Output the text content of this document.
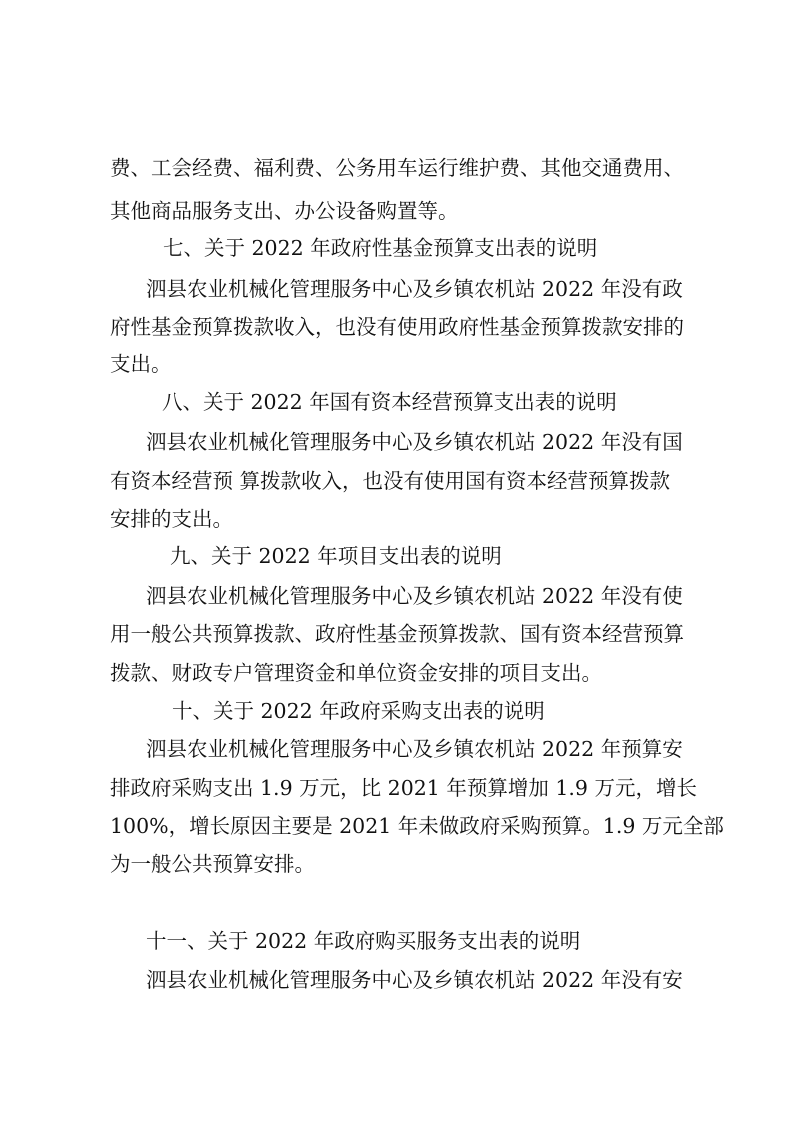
费、工会经费、福利费、公务用车运行维护费、其他交通费用、
其他商品服务支出、办公设备购置等。
七、关于 2022 年政府性基金预算支出表的说明
泗县农业机械化管理服务中心及乡镇农机站 2022 年没有政
府性基金预算拨款收入，也没有使用政府性基金预算拨款安排的
支出。
八、关于 2022 年国有资本经营预算支出表的说明
泗县农业机械化管理服务中心及乡镇农机站 2022 年没有国
有资本经营预 算拨款收入，也没有使用国有资本经营预算拨款
安排的支出。
九、关于 2022 年项目支出表的说明
泗县农业机械化管理服务中心及乡镇农机站 2022 年没有使
用一般公共预算拨款、政府性基金预算拨款、国有资本经营预算
拨款、财政专户管理资金和单位资金安排的项目支出。
十、关于 2022 年政府采购支出表的说明
泗县农业机械化管理服务中心及乡镇农机站 2022 年预算安
排政府采购支出 1.9 万元，比 2021 年预算增加 1.9 万元，增长
100%，增长原因主要是 2021 年未做政府采购预算。1.9 万元全部
为一般公共预算安排。
十一、关于 2022 年政府购买服务支出表的说明
泗县农业机械化管理服务中心及乡镇农机站 2022 年没有安
